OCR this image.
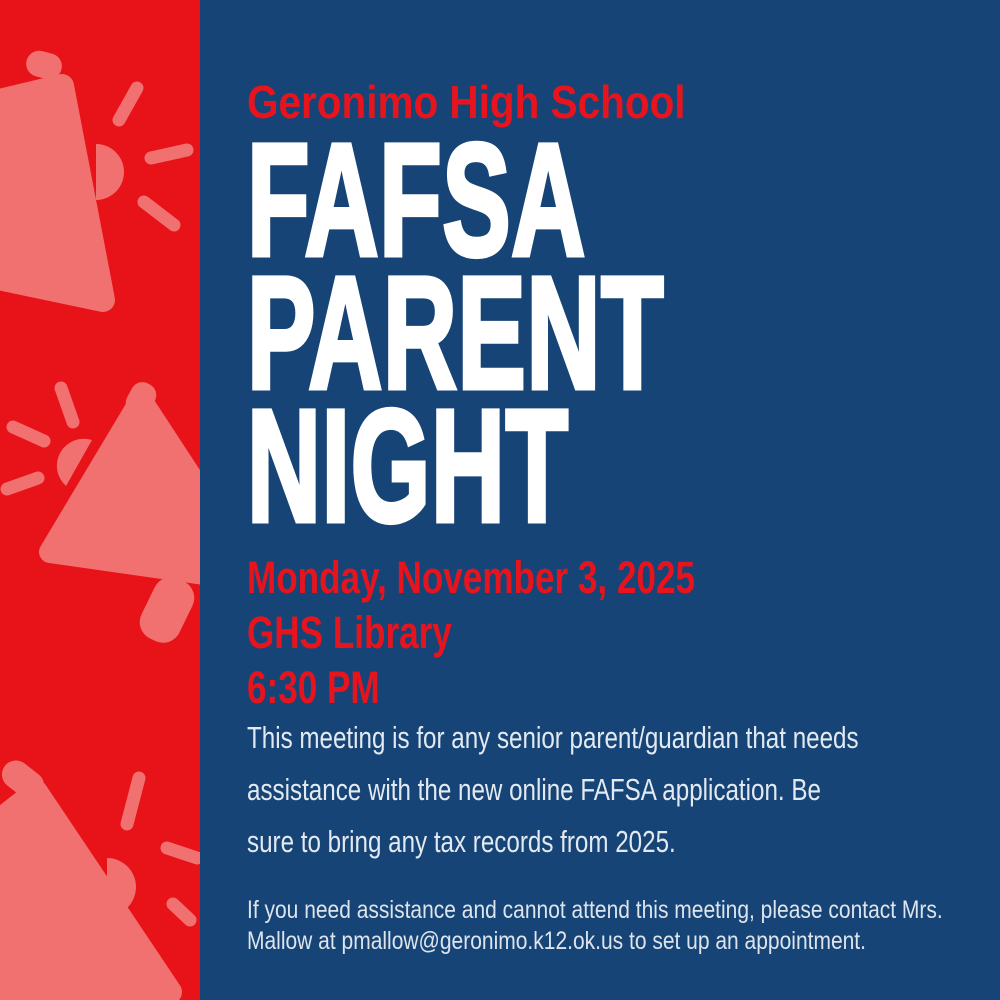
Geronimo High School
FAFSA
PARENT
NIGHT
Monday, November 3, 2025
GHS Library
6:30 PM
This meeting is for any senior parent/guardian that needs assistance with the new online FAFSA application. Be sure to bring any tax records from 2025.
If you need assistance and cannot attend this meeting, please contact Mrs. Mallow at pmallow@geronimo.k12.ok.us to set up an appointment.
